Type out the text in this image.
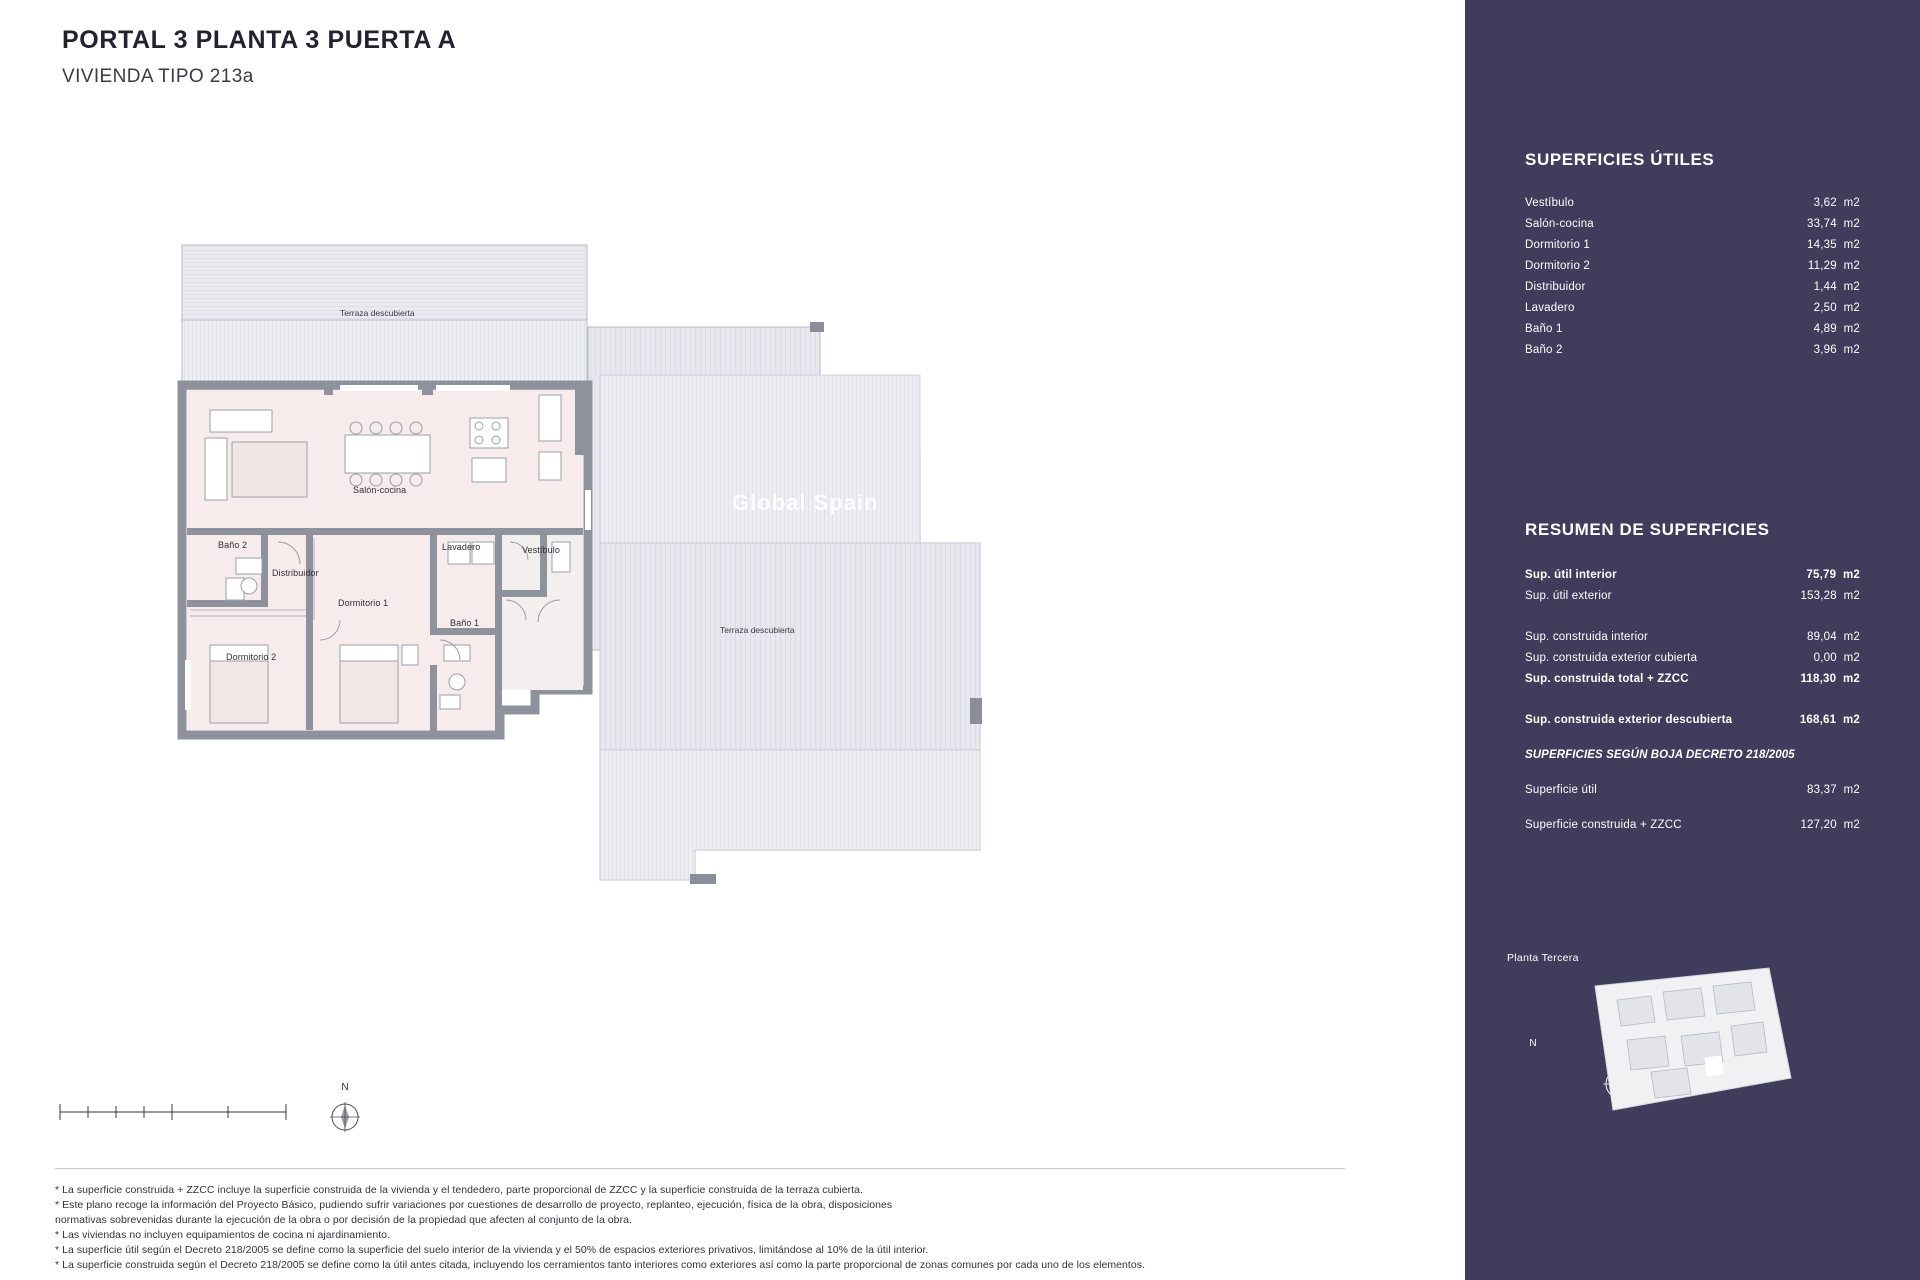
PORTAL 3 PLANTA 3 PUERTA A
VIVIENDA TIPO 213a
Terraza descubierta
Salón-cocina
Baño 2
Distribuidor
Lavadero	Vestíbulo
Dormitorio 1
Dormitorio 2
Baño 1
Terraza descubierta
Global Spain
N
* La superficie construida + ZZCC incluye la superficie construida de la vivienda y el tendedero, parte proporcional de ZZCC y la superficie construida de la terraza cubierta.
* Este plano recoge la información del Proyecto Básico, pudiendo sufrir variaciones por cuestiones de desarrollo de proyecto, replanteo, ejecución, física de la obra, disposiciones
normativas sobrevenidas durante la ejecución de la obra o por decisión de la propiedad que afecten al conjunto de la obra.
* Las viviendas no incluyen equipamientos de cocina ni ajardinamiento.
* La superficie útil según el Decreto 218/2005 se define como la superficie del suelo interior de la vivienda y el 50% de espacios exteriores privativos, limitándose al 10% de la útil interior.
* La superficie construida según el Decreto 218/2005 se define como la útil antes citada, incluyendo los cerramientos tanto interiores como exteriores así como la parte proporcional de zonas comunes por cada uno de los elementos.
SUPERFICIES ÚTILES
Vestíbulo	3,62  m2
Salón-cocina	33,74  m2
Dormitorio 1	14,35  m2
Dormitorio 2	11,29  m2
Distribuidor	1,44  m2
Lavadero	2,50  m2
Baño 1	4,89  m2
Baño 2	3,96  m2
RESUMEN DE SUPERFICIES
Sup. útil interior	75,79  m2
Sup. útil exterior	153,28  m2
Sup. construida interior	89,04  m2
Sup. construida exterior cubierta	0,00  m2
Sup. construida total + ZZCC	118,30  m2
Sup. construida exterior descubierta	168,61  m2
SUPERFICIES SEGÚN BOJA DECRETO 218/2005
Superficie útil	83,37  m2
Superficie construida + ZZCC	127,20  m2
Planta Tercera
N
